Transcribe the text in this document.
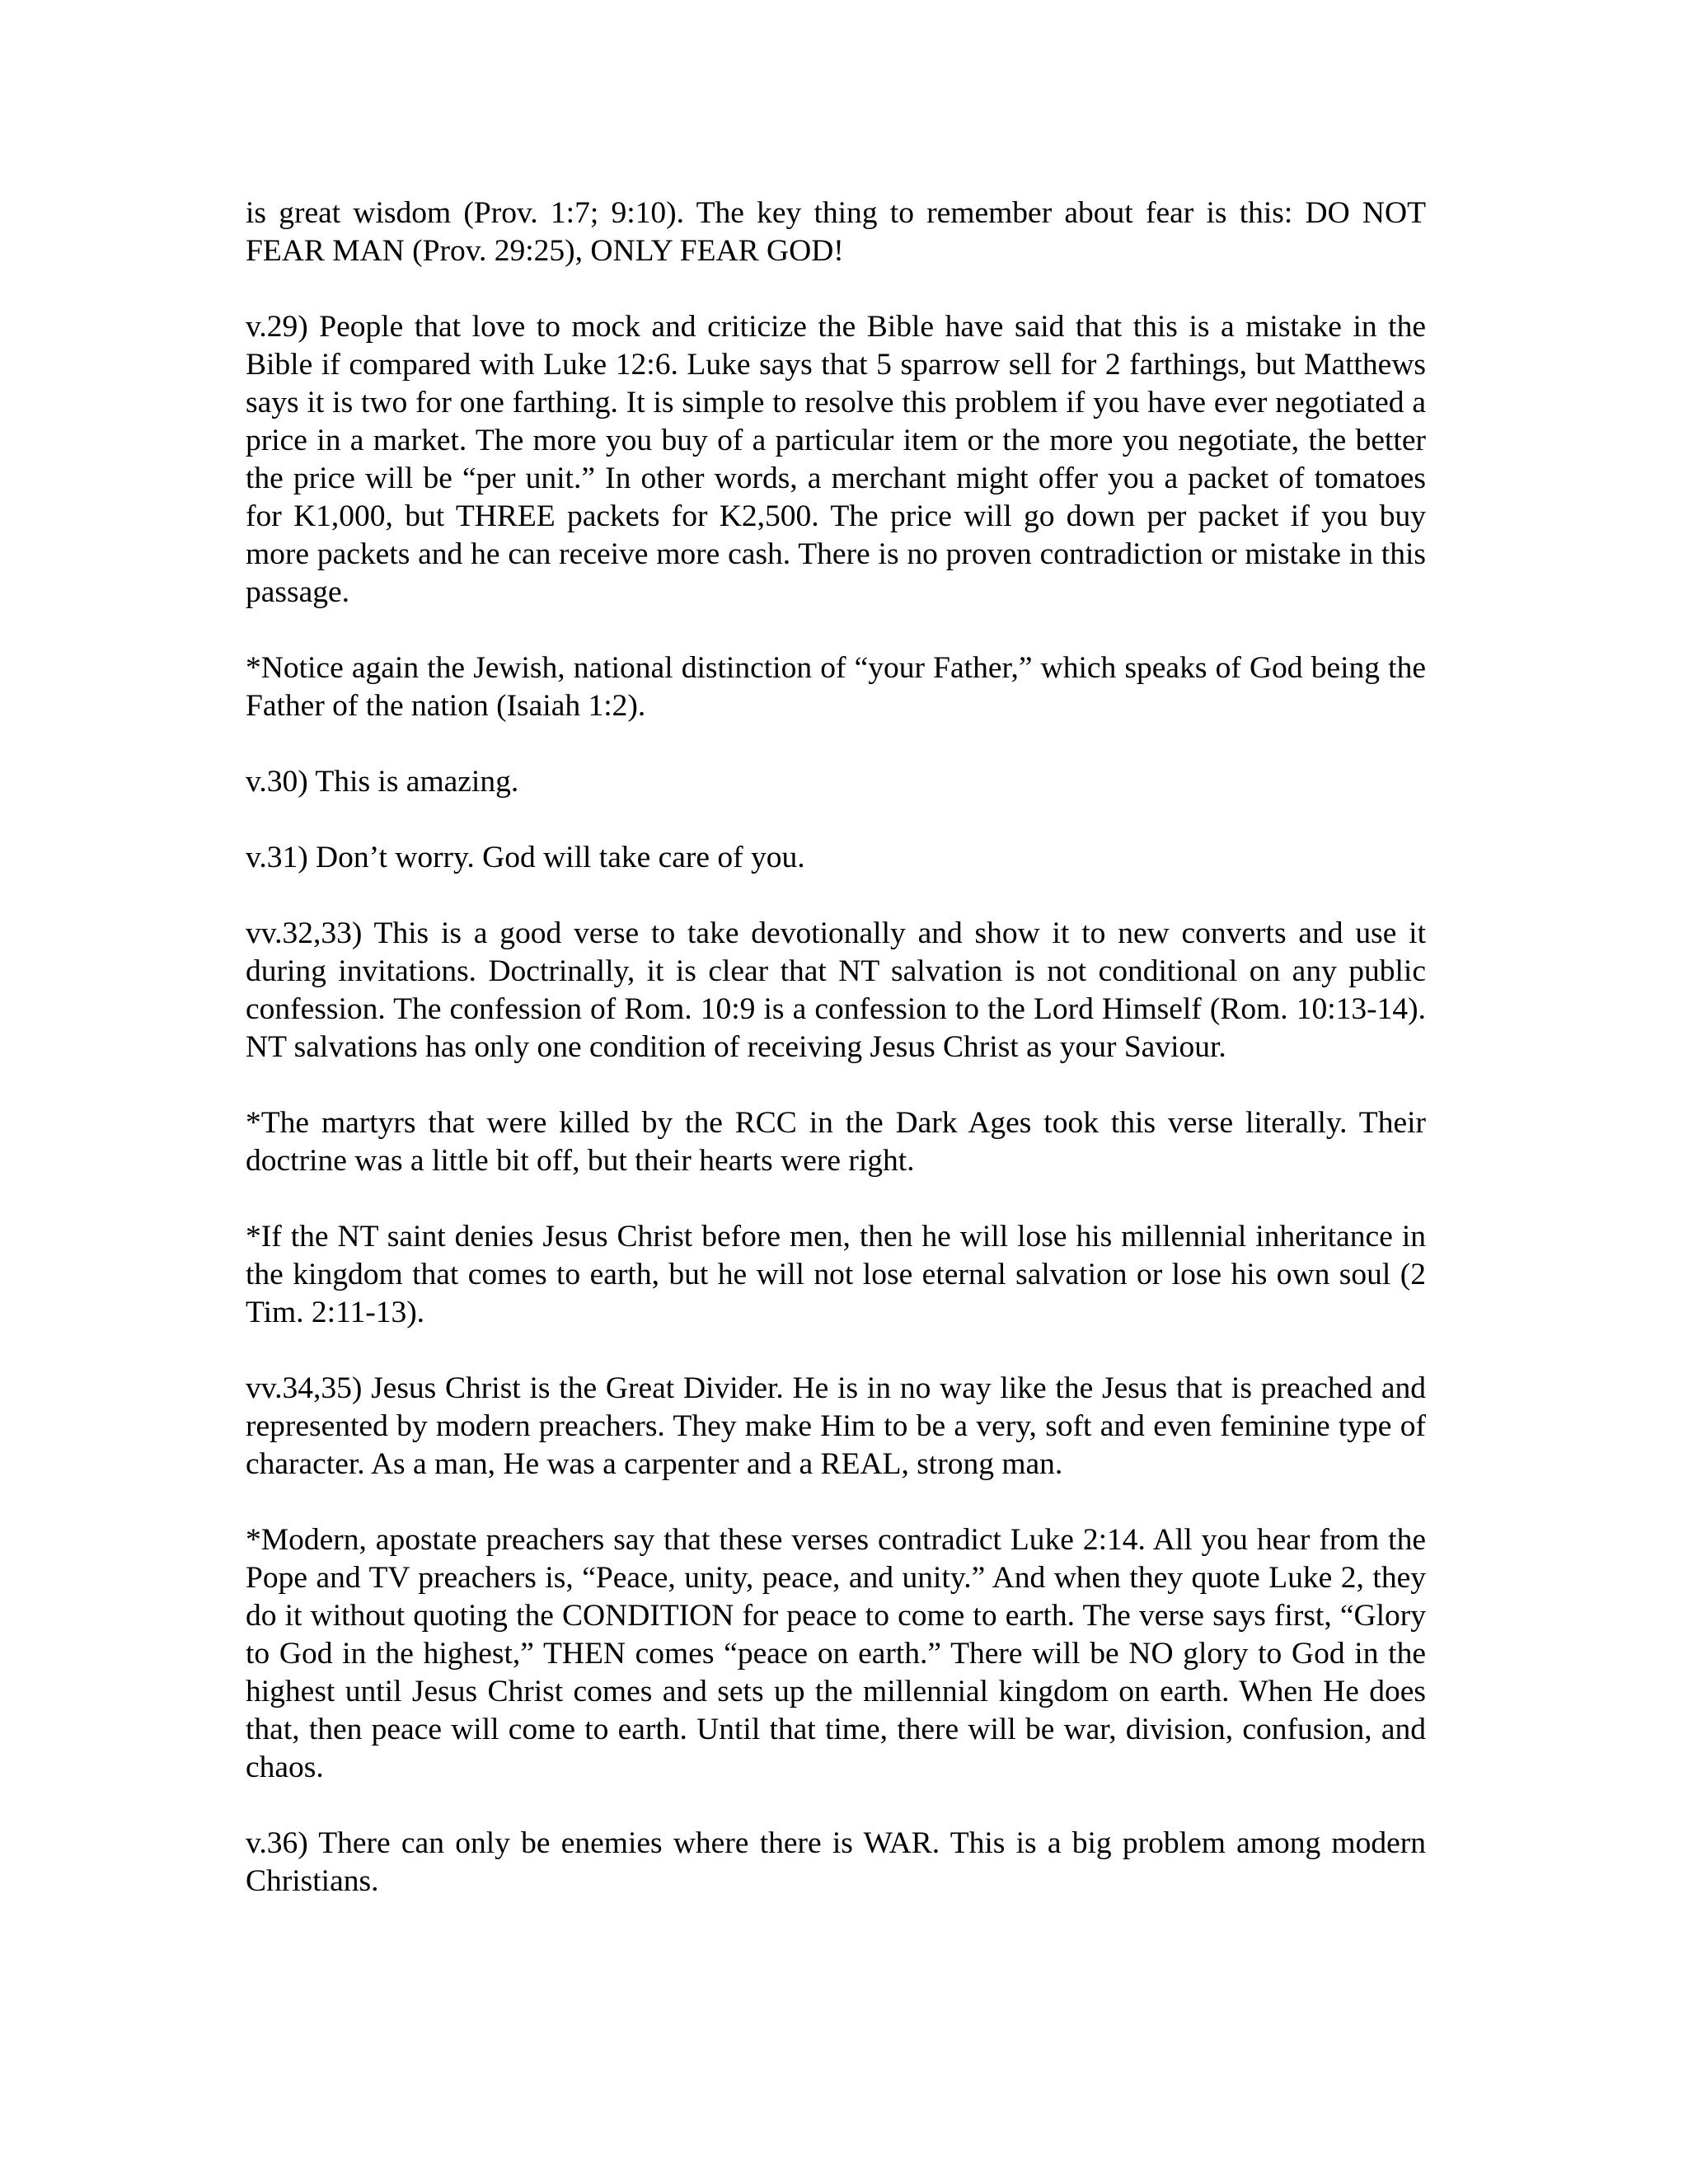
is great wisdom (Prov. 1:7; 9:10). The key thing to remember about fear is this: DO NOT FEAR MAN (Prov. 29:25), ONLY FEAR GOD!

v.29) People that love to mock and criticize the Bible have said that this is a mistake in the Bible if compared with Luke 12:6. Luke says that 5 sparrow sell for 2 farthings, but Matthews says it is two for one farthing. It is simple to resolve this problem if you have ever negotiated a price in a market. The more you buy of a particular item or the more you negotiate, the better the price will be “per unit.” In other words, a merchant might offer you a packet of tomatoes for K1,000, but THREE packets for K2,500. The price will go down per packet if you buy more packets and he can receive more cash. There is no proven contradiction or mistake in this passage.

*Notice again the Jewish, national distinction of “your Father,” which speaks of God being the Father of the nation (Isaiah 1:2).

v.30) This is amazing.

v.31) Don’t worry. God will take care of you.

vv.32,33) This is a good verse to take devotionally and show it to new converts and use it during invitations. Doctrinally, it is clear that NT salvation is not conditional on any public confession. The confession of Rom. 10:9 is a confession to the Lord Himself (Rom. 10:13-14). NT salvations has only one condition of receiving Jesus Christ as your Saviour.

*The martyrs that were killed by the RCC in the Dark Ages took this verse literally. Their doctrine was a little bit off, but their hearts were right.

*If the NT saint denies Jesus Christ before men, then he will lose his millennial inheritance in the kingdom that comes to earth, but he will not lose eternal salvation or lose his own soul (2 Tim. 2:11-13).

vv.34,35) Jesus Christ is the Great Divider. He is in no way like the Jesus that is preached and represented by modern preachers. They make Him to be a very, soft and even feminine type of character. As a man, He was a carpenter and a REAL, strong man.

*Modern, apostate preachers say that these verses contradict Luke 2:14. All you hear from the Pope and TV preachers is, “Peace, unity, peace, and unity.” And when they quote Luke 2, they do it without quoting the CONDITION for peace to come to earth. The verse says first, “Glory to God in the highest,” THEN comes “peace on earth.” There will be NO glory to God in the highest until Jesus Christ comes and sets up the millennial kingdom on earth. When He does that, then peace will come to earth. Until that time, there will be war, division, confusion, and chaos.

v.36) There can only be enemies where there is WAR. This is a big problem among modern Christians.
